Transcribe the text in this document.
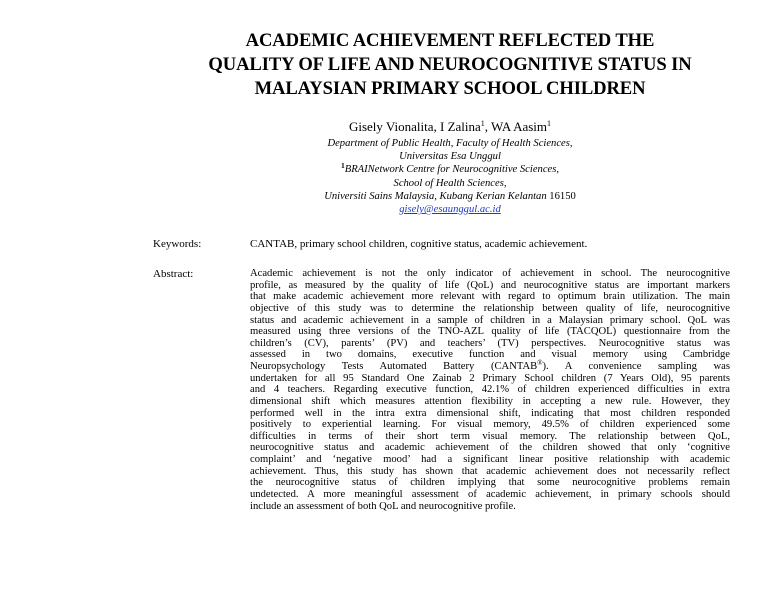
ACADEMIC ACHIEVEMENT REFLECTED THE
QUALITY OF LIFE AND NEUROCOGNITIVE STATUS IN
MALAYSIAN PRIMARY SCHOOL CHILDREN
Gisely Vionalita, I Zalina$^1$, WA Aasim$^1$
Department of Public Health, Faculty of Health Sciences,
Universitas Esa Unggul
$^1$BRAINetwork Centre for Neurocognitive Sciences,
School of Health Sciences,
Universiti Sains Malaysia, Kubang Kerian Kelantan 16150
gisely@esaunggul.ac.id
Keywords:	CANTAB, primary school children, cognitive status, academic achievement.
Abstract:	Academic achievement is not the only indicator of achievement in school. The neurocognitive
profile, as measured by the quality of life (QoL) and neurocognitive status are important markers
that make academic achievement more relevant with regard to optimum brain utilization. The main
objective of this study was to determine the relationship between quality of life, neurocognitive
status and academic achievement in a sample of children in a Malaysian primary school. QoL was
measured using three versions of the TNO-AZL quality of life (TACQOL) questionnaire from the
children’s (CV), parents’ (PV) and teachers’ (TV) perspectives. Neurocognitive status was
assessed in two domains, executive function and visual memory using Cambridge
Neuropsychology Tests Automated Battery (CANTAB®). A convenience sampling was
undertaken for all 95 Standard One Zainab 2 Primary School children (7 Years Old), 95 parents
and 4 teachers. Regarding executive function, 42.1% of children experienced difficulties in extra
dimensional shift which measures attention flexibility in accepting a new rule. However, they
performed well in the intra extra dimensional shift, indicating that most children responded
positively to experiential learning. For visual memory, 49.5% of children experienced some
difficulties in terms of their short term visual memory. The relationship between QoL,
neurocognitive status and academic achievement of the children showed that only ‘cognitive
complaint’ and ‘negative mood’ had a significant linear positive relationship with academic
achievement. Thus, this study has shown that academic achievement does not necessarily reflect
the neurocognitive status of children implying that some neurocognitive problems remain
undetected. A more meaningful assessment of academic achievement, in primary schools should
include an assessment of both QoL and neurocognitive profile.
